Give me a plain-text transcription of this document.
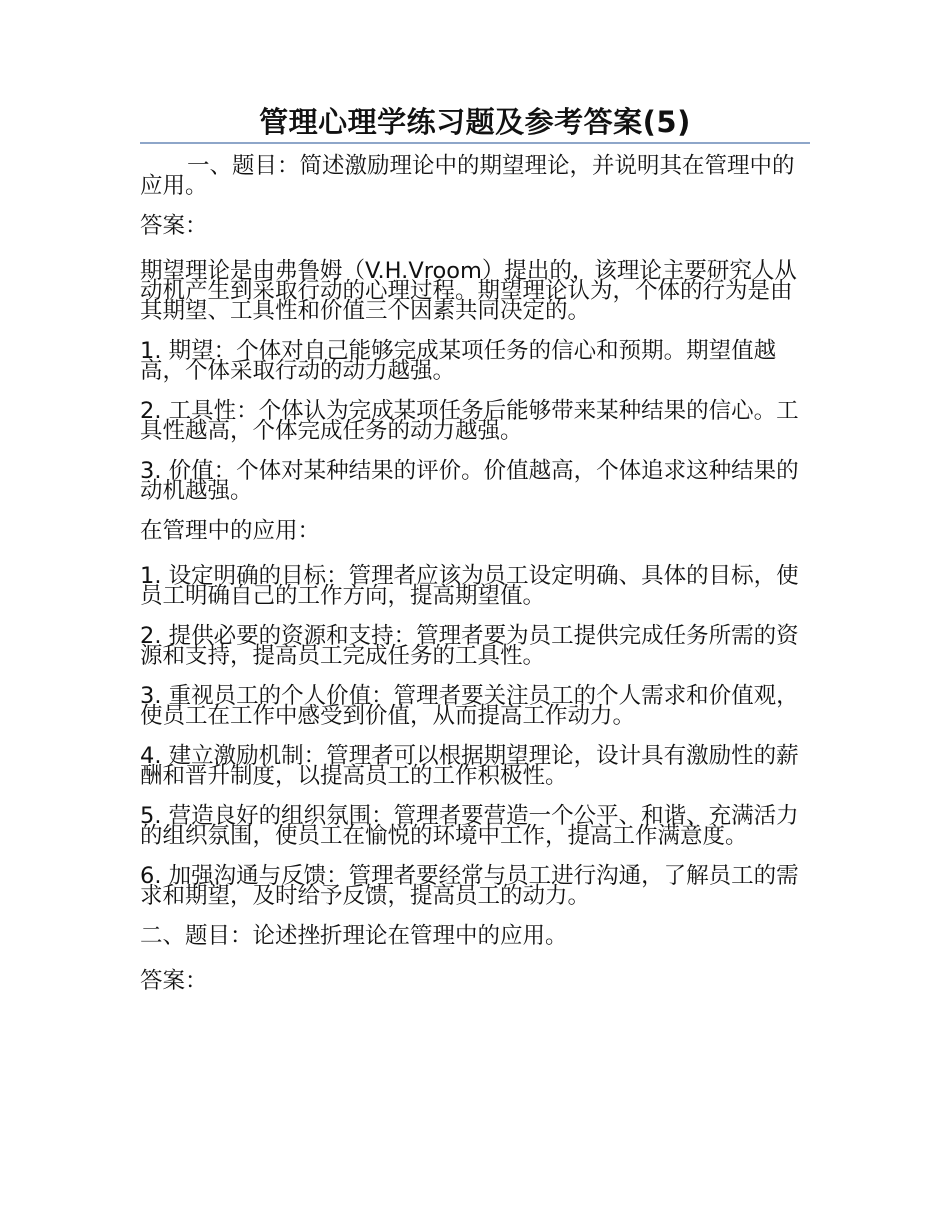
管理心理学练习题及参考答案(5)

一、题目：简述激励理论中的期望理论，并说明其在管理中的应用。

答案：

期望理论是由弗鲁姆（V.H.Vroom）提出的，该理论主要研究人从动机产生到采取行动的心理过程。期望理论认为，个体的行为是由其期望、工具性和价值三个因素共同决定的。

1. 期望：个体对自己能够完成某项任务的信心和预期。期望值越高，个体采取行动的动力越强。

2. 工具性：个体认为完成某项任务后能够带来某种结果的信心。工具性越高，个体完成任务的动力越强。

3. 价值：个体对某种结果的评价。价值越高，个体追求这种结果的动机越强。

在管理中的应用：

1. 设定明确的目标：管理者应该为员工设定明确、具体的目标，使员工明确自己的工作方向，提高期望值。

2. 提供必要的资源和支持：管理者要为员工提供完成任务所需的资源和支持，提高员工完成任务的工具性。

3. 重视员工的个人价值：管理者要关注员工的个人需求和价值观，使员工在工作中感受到价值，从而提高工作动力。

4. 建立激励机制：管理者可以根据期望理论，设计具有激励性的薪酬和晋升制度，以提高员工的工作积极性。

5. 营造良好的组织氛围：管理者要营造一个公平、和谐、充满活力的组织氛围，使员工在愉悦的环境中工作，提高工作满意度。

6. 加强沟通与反馈：管理者要经常与员工进行沟通，了解员工的需求和期望，及时给予反馈，提高员工的动力。

二、题目：论述挫折理论在管理中的应用。

答案：
